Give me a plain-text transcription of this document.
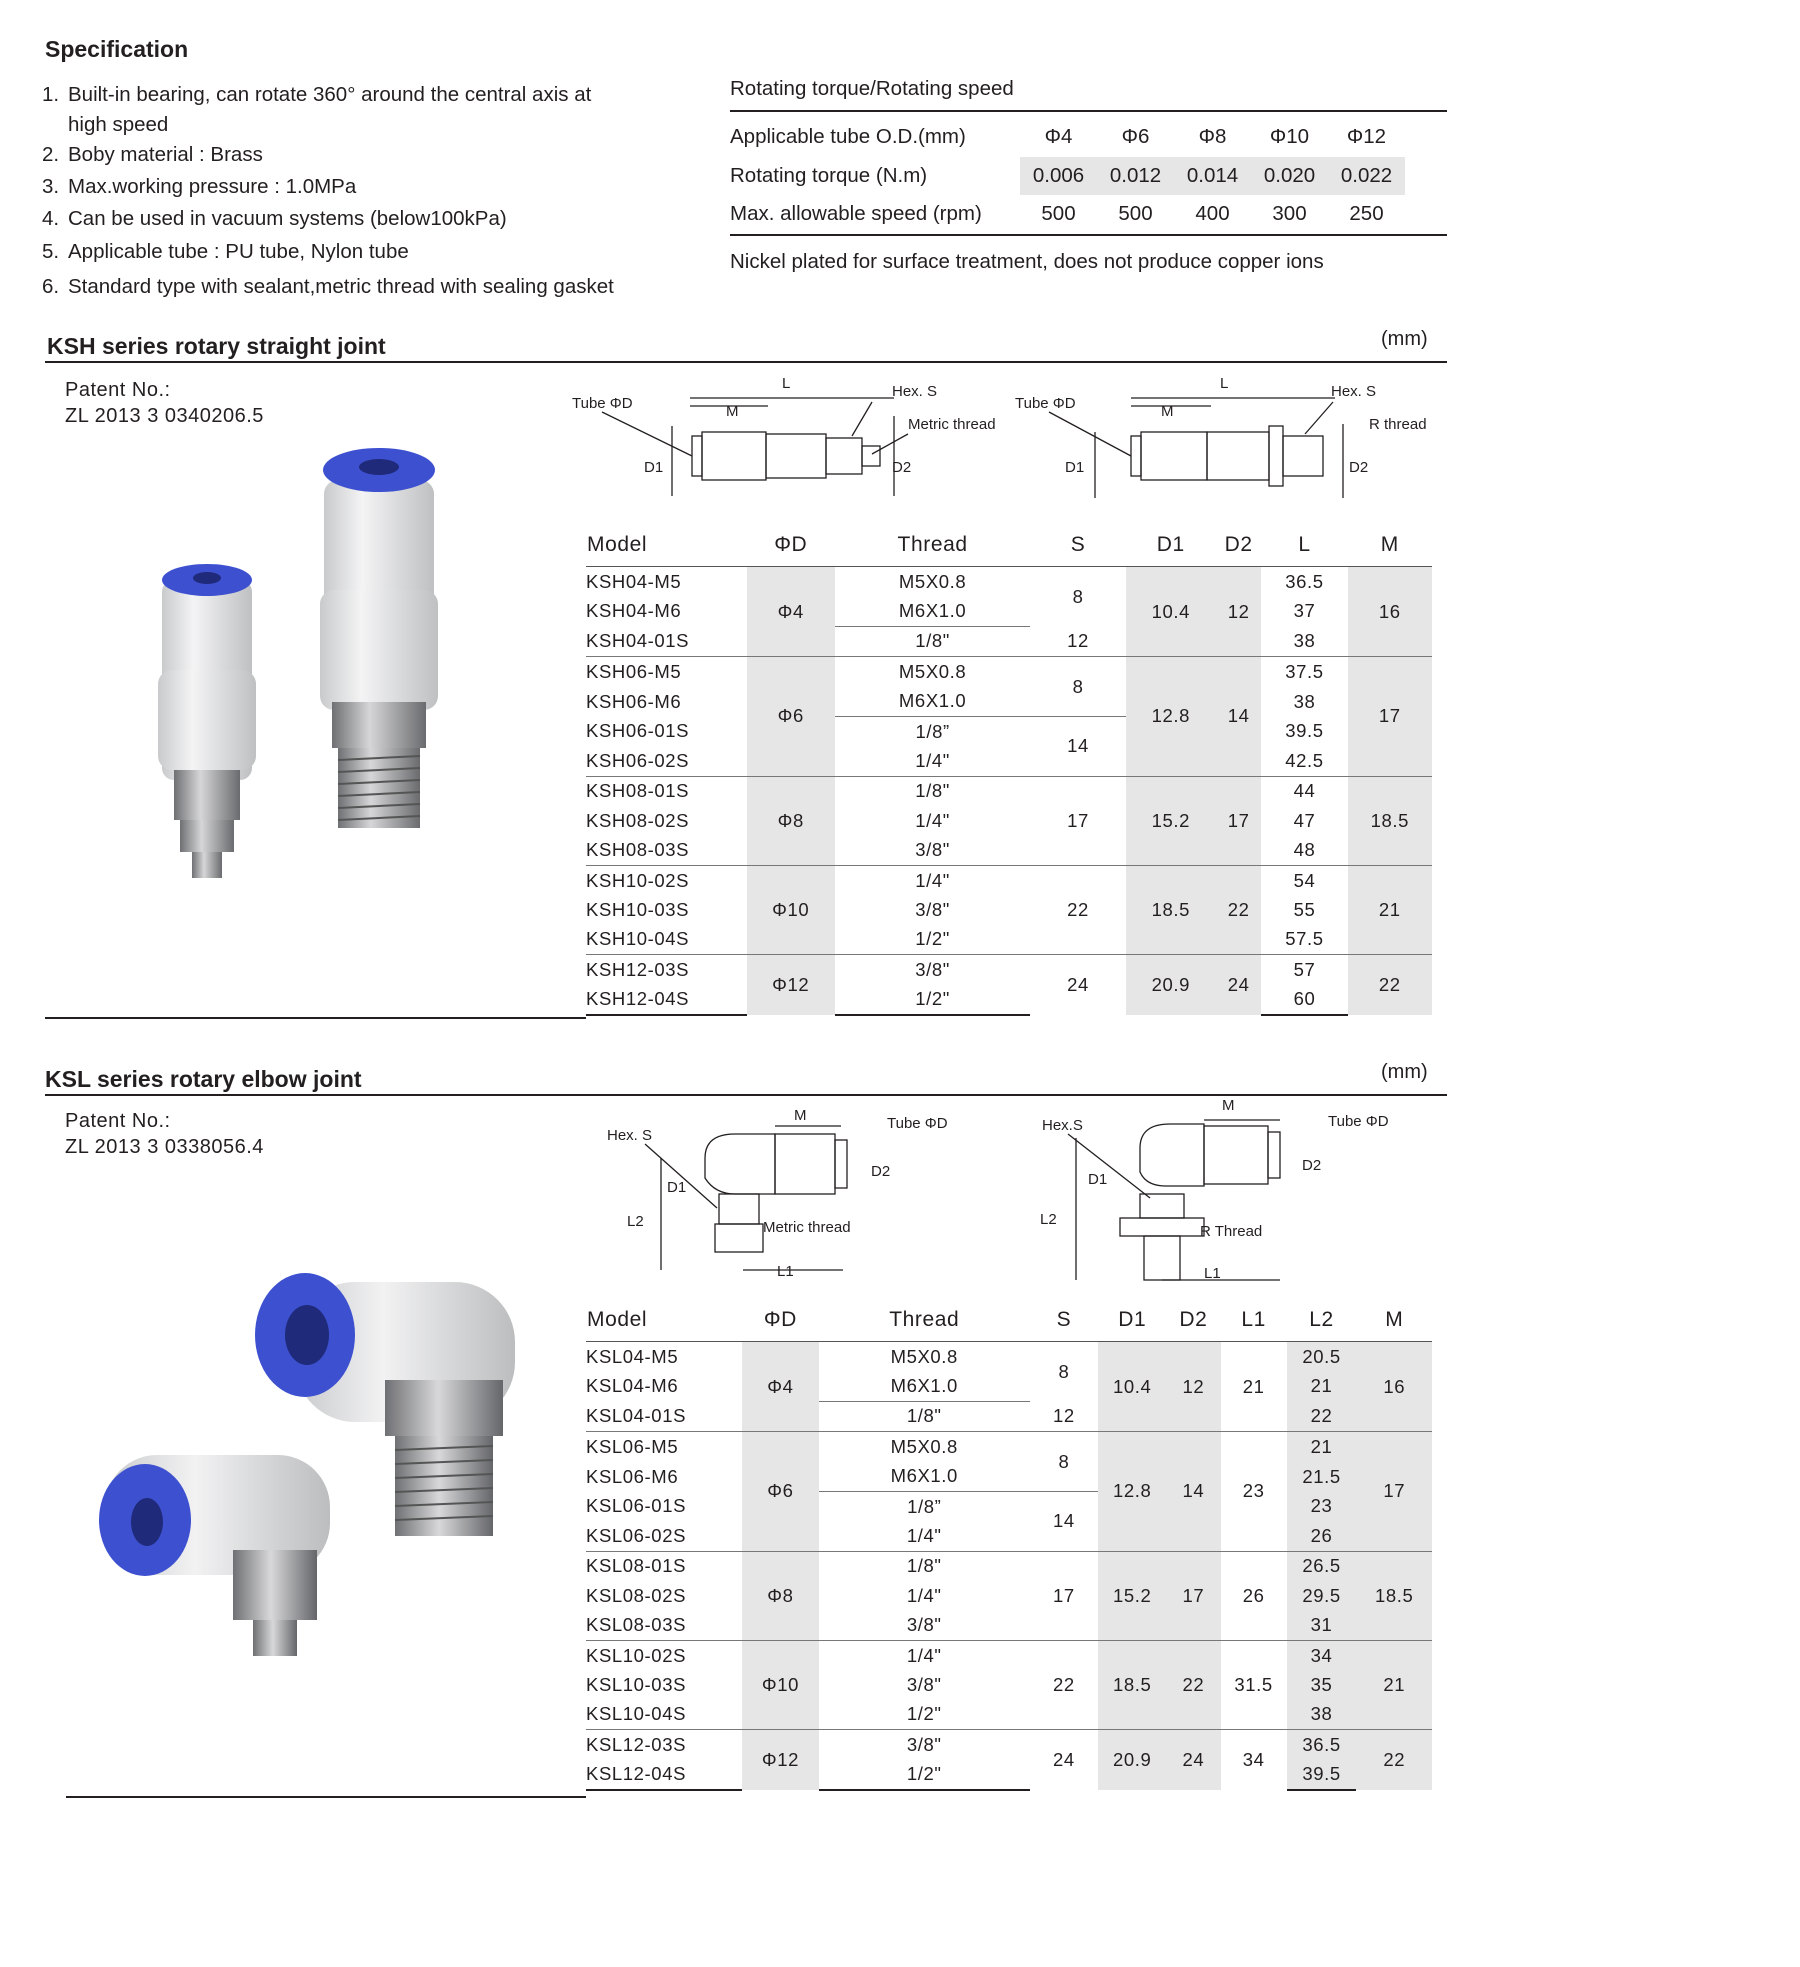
Specification
1. Built-in bearing, can rotate 360° around the central axis at high speed
2. Boby material : Brass
3. Max.working pressure : 1.0MPa
4. Can be used in vacuum systems (below100kPa)
5. Applicable tube : PU tube, Nylon tube
6. Standard type with sealant,metric thread with sealing gasket
Rotating torque/Rotating speed
Applicable tube O.D.(mm)	Φ4	Φ6	Φ8	Φ10	Φ12
Rotating torque (N.m)	0.006	0.012	0.014	0.020	0.022
Max. allowable speed (rpm)	500	500	400	300	250
Nickel plated for surface treatment, does not produce copper ions
KSH series rotary straight joint	(mm)
Patent No.:
ZL 2013 3 0340206.5
Tube ΦD
L
M
Hex. S
Metric thread
D1	D2
Tube ΦD
L
M
Hex. S
R thread
D1	D2
Model	ΦD	Thread	S	D1	D2	L	M
KSH04-M5	Φ4	M5X0.8	8	10.4	12	36.5	16
KSH04-M6		M6X1.0				37	
KSH04-01S		1/8"	12			38	
KSH06-M5	Φ6	M5X0.8	8	12.8	14	37.5	17
KSH06-M6		M6X1.0				38	
KSH06-01S		1/8”	14			39.5	
KSH06-02S		1/4"				42.5	
KSH08-01S	Φ8	1/8"	17	15.2	17	44	18.5
KSH08-02S		1/4"				47	
KSH08-03S		3/8"				48	
KSH10-02S	Φ10	1/4"	22	18.5	22	54	21
KSH10-03S		3/8"				55	
KSH10-04S		1/2"				57.5	
KSH12-03S	Φ12	3/8"	24	20.9	24	57	22
KSH12-04S		1/2"				60	
KSL series rotary elbow joint	(mm)
Patent No.:
ZL 2013 3 0338056.4
Hex. S
M	Tube ΦD
D2
D1
L2	Metric thread
L1
Hex.S
M
Tube ΦD
D2
D1
L2
R Thread
L1
Model	ΦD	Thread	S	D1	D2	L1	L2	M
KSL04-M5	Φ4	M5X0.8	8	10.4	12	21	20.5	16
KSL04-M6		M6X1.0					21	
KSL04-01S		1/8"	12				22	
KSL06-M5	Φ6	M5X0.8	8	12.8	14	23	21	17
KSL06-M6		M6X1.0					21.5	
KSL06-01S		1/8”	14				23	
KSL06-02S		1/4"					26	
KSL08-01S	Φ8	1/8"	17	15.2	17	26	26.5	18.5
KSL08-02S		1/4"					29.5	
KSL08-03S		3/8"					31	
KSL10-02S	Φ10	1/4"	22	18.5	22	31.5	34	21
KSL10-03S		3/8"					35	
KSL10-04S		1/2"					38	
KSL12-03S	Φ12	3/8"	24	20.9	24	34	36.5	22
KSL12-04S		1/2"					39.5	
